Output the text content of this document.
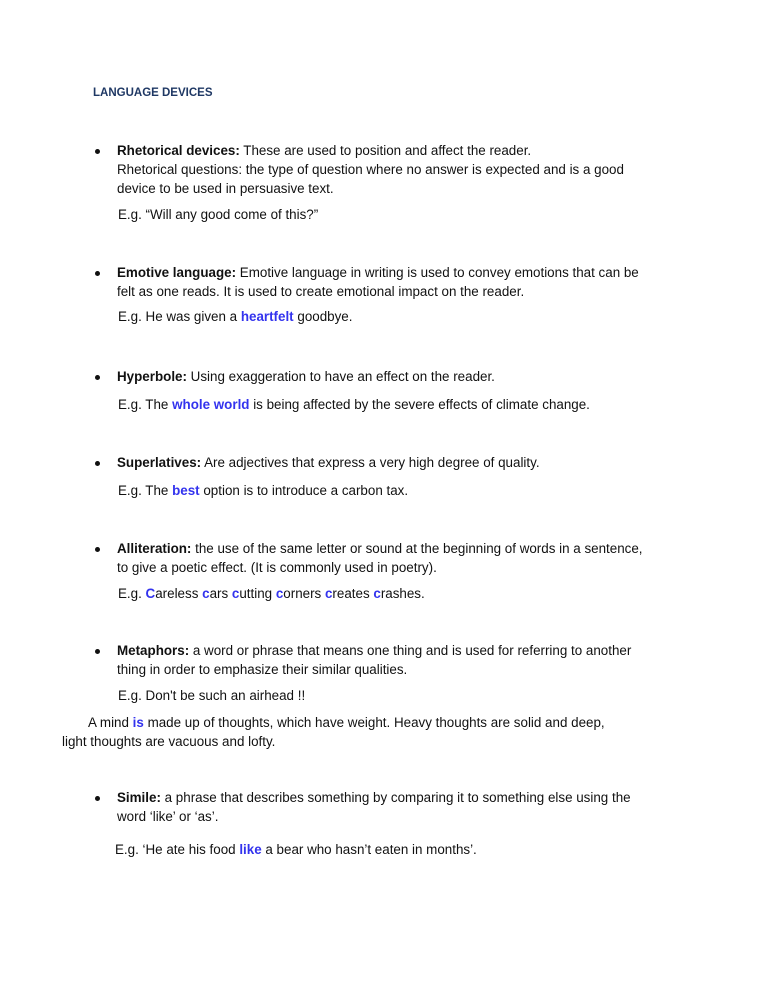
LANGUAGE DEVICES
Rhetorical devices: These are used to position and affect the reader.
Rhetorical questions: the type of question where no answer is expected and is a good
device to be used in persuasive text.
E.g. “Will any good come of this?”
Emotive language: Emotive language in writing is used to convey emotions that can be
felt as one reads. It is used to create emotional impact on the reader.
E.g. He was given a heartfelt goodbye.
Hyperbole: Using exaggeration to have an effect on the reader.
E.g. The whole world is being affected by the severe effects of climate change.
Superlatives: Are adjectives that express a very high degree of quality.
E.g. The best option is to introduce a carbon tax.
Alliteration: the use of the same letter or sound at the beginning of words in a sentence,
to give a poetic effect. (It is commonly used in poetry).
E.g. Careless cars cutting corners creates crashes.
Metaphors: a word or phrase that means one thing and is used for referring to another
thing in order to emphasize their similar qualities.
E.g. Don't be such an airhead !!
A mind is made up of thoughts, which have weight. Heavy thoughts are solid and deep,
light thoughts are vacuous and lofty.
Simile: a phrase that describes something by comparing it to something else using the
word ‘like’ or ‘as’.
E.g. ‘He ate his food like a bear who hasn’t eaten in months’.
